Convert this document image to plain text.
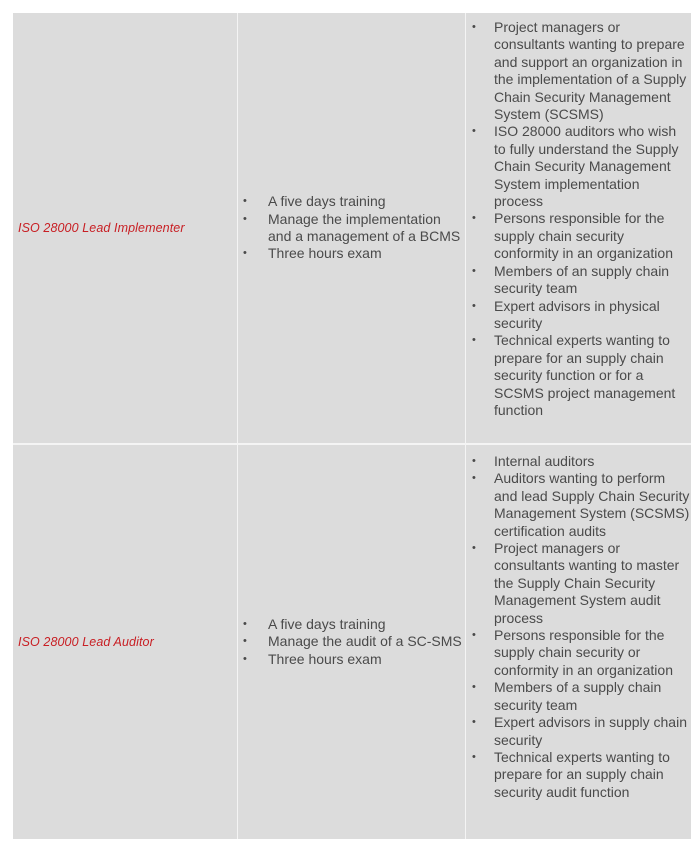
ISO 28000 Lead Implementer
• A five days training
• Manage the implementation and a management of a BCMS
• Three hours exam
• Project managers or consultants wanting to prepare and support an organization in the implementation of a Supply Chain Security Management System (SCSMS)
• ISO 28000 auditors who wish to fully understand the Supply Chain Security Management System implementation process
• Persons responsible for the supply chain security conformity in an organization
• Members of an supply chain security team
• Expert advisors in physical security
• Technical experts wanting to prepare for an supply chain security function or for a SCSMS project management function
ISO 28000 Lead Auditor
• A five days training
• Manage the audit of a SC-SMS
• Three hours exam
• Internal auditors
• Auditors wanting to perform and lead Supply Chain Security Management System (SCSMS) certification audits
• Project managers or consultants wanting to master the Supply Chain Security Management System audit process
• Persons responsible for the supply chain security or conformity in an organization
• Members of a supply chain security team
• Expert advisors in supply chain security
• Technical experts wanting to prepare for an supply chain security audit function
